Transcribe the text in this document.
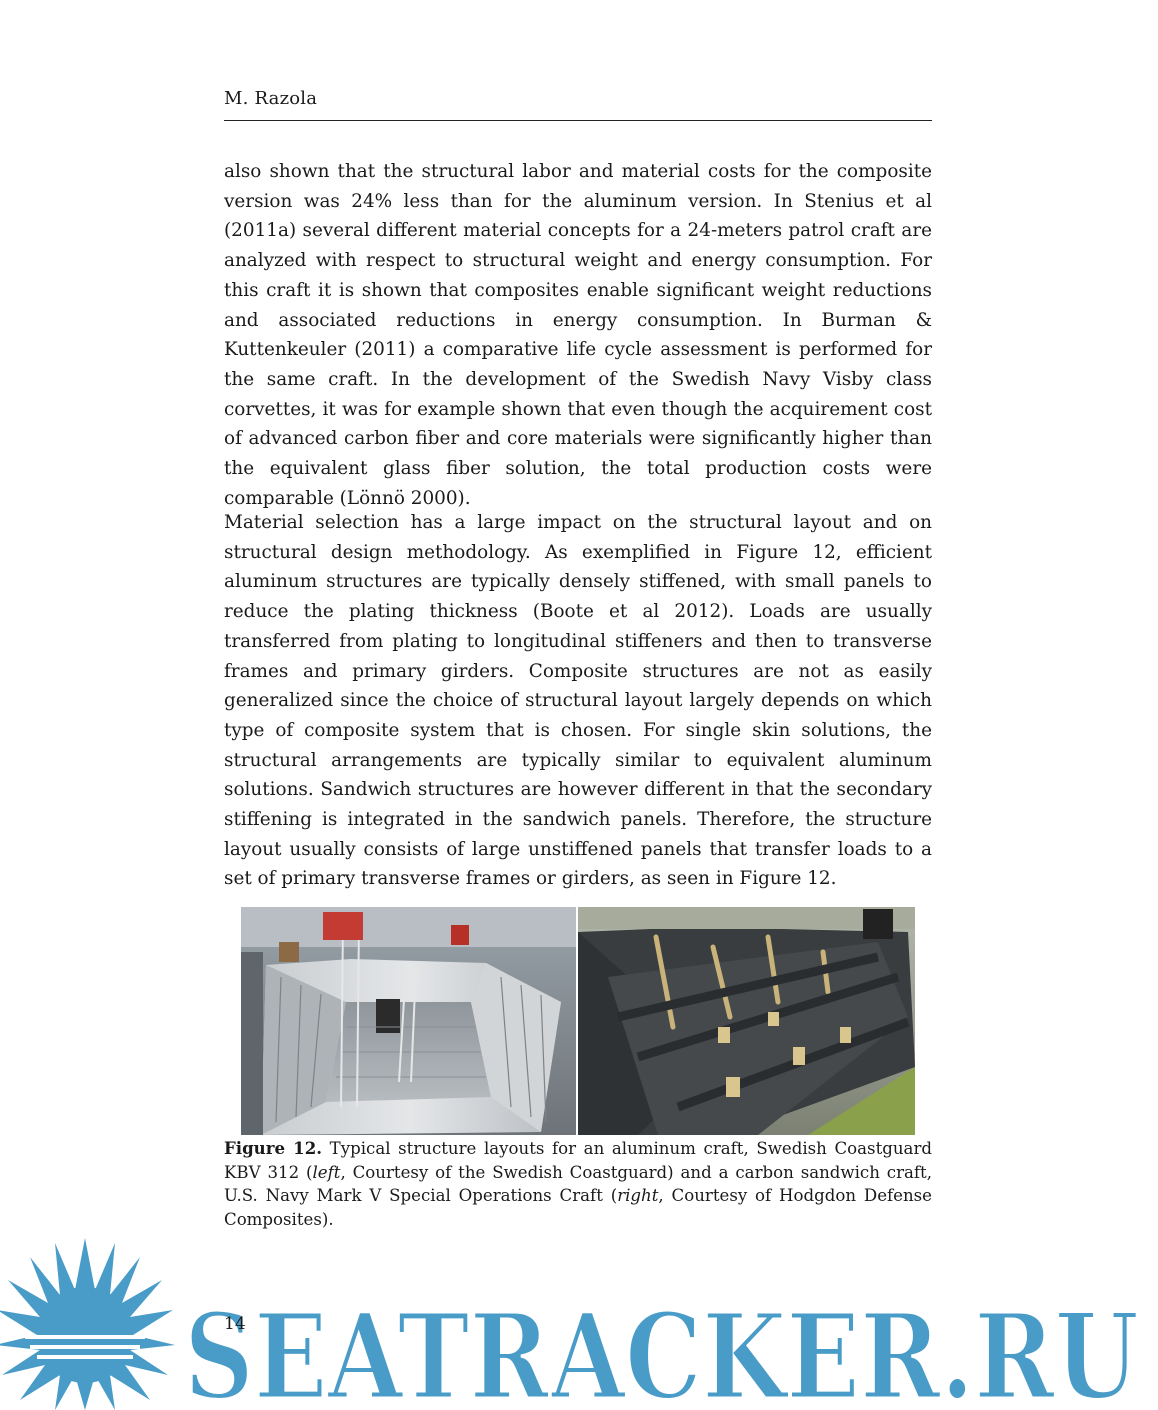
M. Razola

also shown that the structural labor and material costs for the composite version was 24% less than for the aluminum version. In Stenius et al (2011a) several different material concepts for a 24-meters patrol craft are analyzed with respect to structural weight and energy consumption. For this craft it is shown that composites enable significant weight reductions and associated reductions in energy consumption. In Burman & Kuttenkeuler (2011) a comparative life cycle assessment is performed for the same craft. In the development of the Swedish Navy Visby class corvettes, it was for example shown that even though the acquirement cost of advanced carbon fiber and core materials were significantly higher than the equivalent glass fiber solution, the total production costs were comparable (Lönnö 2000).

Material selection has a large impact on the structural layout and on structural design methodology. As exemplified in Figure 12, efficient aluminum structures are typically densely stiffened, with small panels to reduce the plating thickness (Boote et al 2012). Loads are usually transferred from plating to longitudinal stiffeners and then to transverse frames and primary girders. Composite structures are not as easily generalized since the choice of structural layout largely depends on which type of composite system that is chosen. For single skin solutions, the structural arrangements are typically similar to equivalent aluminum solutions. Sandwich structures are however different in that the secondary stiffening is integrated in the sandwich panels. Therefore, the structure layout usually consists of large unstiffened panels that transfer loads to a set of primary transverse frames or girders, as seen in Figure 12.

Figure 12. Typical structure layouts for an aluminum craft, Swedish Coastguard KBV 312 (left, Courtesy of the Swedish Coastguard) and a carbon sandwich craft, U.S. Navy Mark V Special Operations Craft (right, Courtesy of Hodgdon Defense Composites).

SEATRACKER.RU
14
